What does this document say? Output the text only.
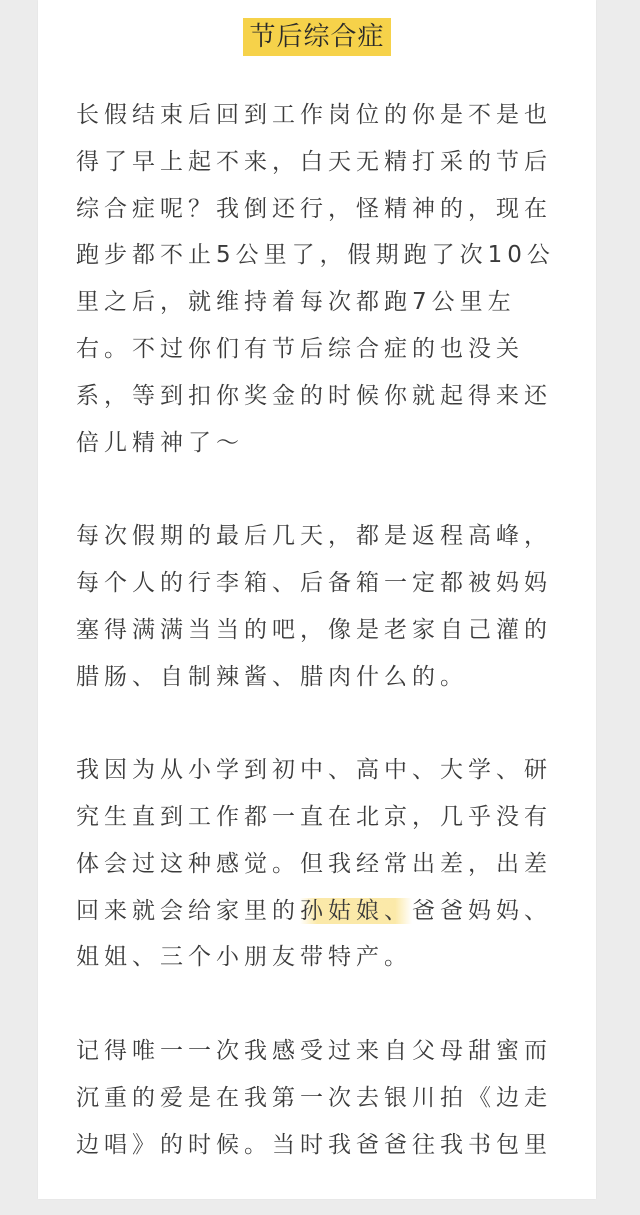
节后综合症

长假结束后回到工作岗位的你是不是也
得了早上起不来，白天无精打采的节后
综合症呢？我倒还行，怪精神的，现在
跑步都不止5公里了，假期跑了次10公
里之后，就维持着每次都跑7公里左
右。不过你们有节后综合症的也没关
系，等到扣你奖金的时候你就起得来还
倍儿精神了～

每次假期的最后几天，都是返程高峰，
每个人的行李箱、后备箱一定都被妈妈
塞得满满当当的吧，像是老家自己灌的
腊肠、自制辣酱、腊肉什么的。

我因为从小学到初中、高中、大学、研
究生直到工作都一直在北京，几乎没有
体会过这种感觉。但我经常出差，出差
回来就会给家里的孙姑娘、爸爸妈妈、
姐姐、三个小朋友带特产。

记得唯一一次我感受过来自父母甜蜜而
沉重的爱是在我第一次去银川拍《边走
边唱》的时候。当时我爸爸往我书包里
